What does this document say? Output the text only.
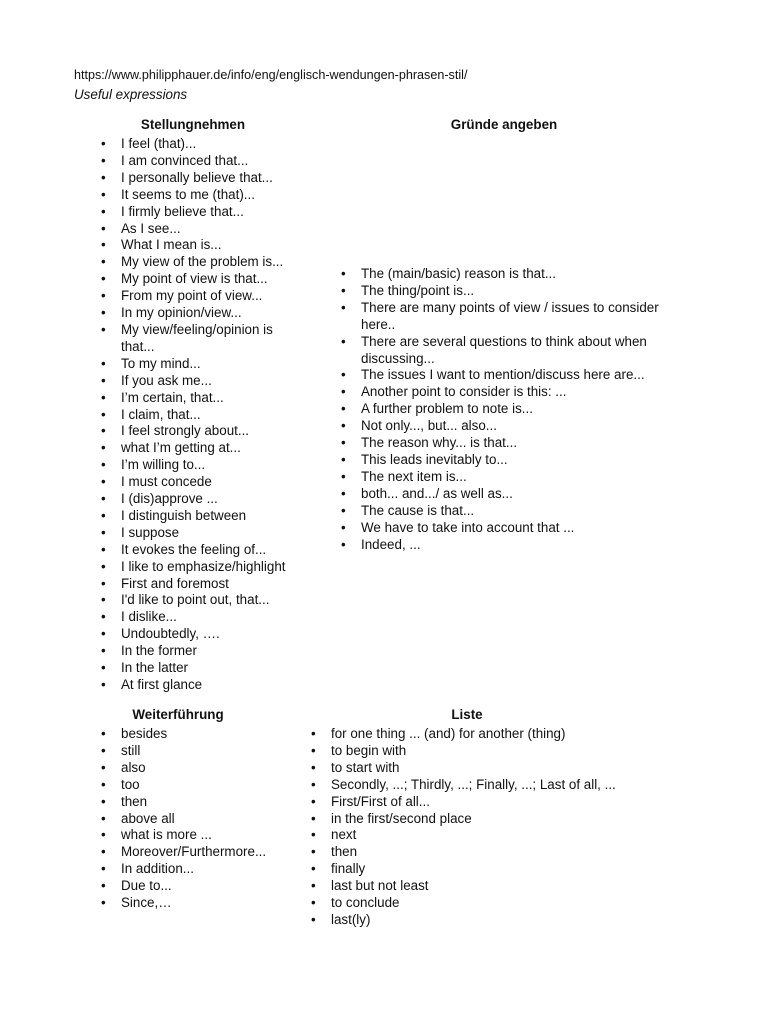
https://www.philipphauer.de/info/eng/englisch-wendungen-phrasen-stil/
Useful expressions
Stellungnehmen
• I feel (that)...
• I am convinced that...
• I personally believe that...
• It seems to me (that)...
• I firmly believe that...
• As I see...
• What I mean is...
• My view of the problem is...
• My point of view is that...
• From my point of view...
• In my opinion/view...
• My view/feeling/opinion is that...
• To my mind...
• If you ask me...
• I’m certain, that...
• I claim, that...
• I feel strongly about...
• what I’m getting at...
• I’m willing to...
• I must concede
• I (dis)approve ...
• I distinguish between
• I suppose
• It evokes the feeling of...
• I like to emphasize/highlight
• First and foremost
• I'd like to point out, that...
• I dislike...
• Undoubtedly, ….
• In the former
• In the latter
• At first glance
Gründe angeben
• The (main/basic) reason is that...
• The thing/point is...
• There are many points of view / issues to consider here..
• There are several questions to think about when discussing...
• The issues I want to mention/discuss here are...
• Another point to consider is this: ...
• A further problem to note is...
• Not only..., but... also...
• The reason why... is that...
• This leads inevitably to...
• The next item is...
• both... and.../ as well as...
• The cause is that...
• We have to take into account that ...
• Indeed, ...
Weiterführung
• besides
• still
• also
• too
• then
• above all
• what is more ...
• Moreover/Furthermore...
• In addition...
• Due to...
• Since,…
Liste
• for one thing ... (and) for another (thing)
• to begin with
• to start with
• Secondly, ...; Thirdly, ...; Finally, ...; Last of all, ...
• First/First of all...
• in the first/second place
• next
• then
• finally
• last but not least
• to conclude
• last(ly)
